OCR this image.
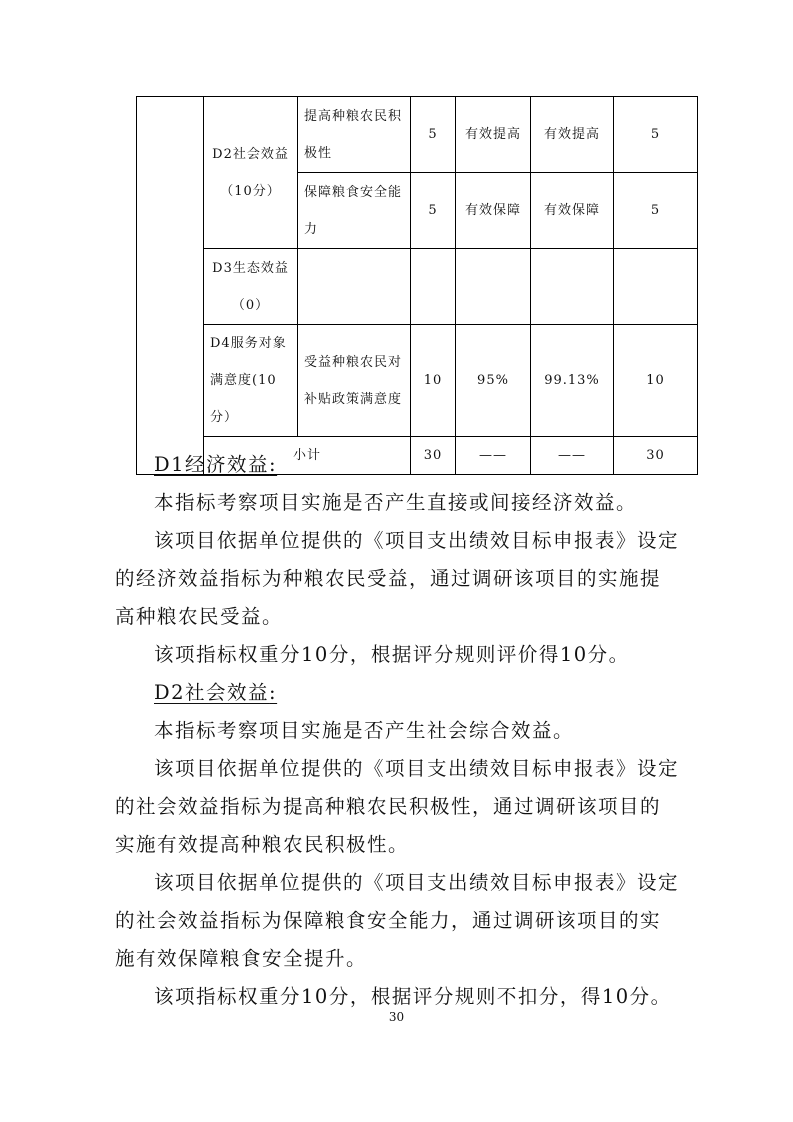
	D2社会效益（10分）	提高种粮农民积极性	5	有效提高	有效提高	5
		保障粮食安全能力	5	有效保障	有效保障	5
	D3生态效益（0）					
	D4服务对象满意度(10分）	受益种粮农民对补贴政策满意度	10	95%	99.13%	10
	小计		30	——	——	30

D1经济效益:

本指标考察项目实施是否产生直接或间接经济效益。

该项目依据单位提供的《项目支出绩效目标申报表》设定的经济效益指标为种粮农民受益，通过调研该项目的实施提高种粮农民受益。

该项指标权重分10分，根据评分规则评价得10分。

D2社会效益:

本指标考察项目实施是否产生社会综合效益。

该项目依据单位提供的《项目支出绩效目标申报表》设定的社会效益指标为提高种粮农民积极性，通过调研该项目的实施有效提高种粮农民积极性。

该项目依据单位提供的《项目支出绩效目标申报表》设定的社会效益指标为保障粮食安全能力，通过调研该项目的实施有效保障粮食安全提升。

该项指标权重分10分，根据评分规则不扣分，得10分。

30
